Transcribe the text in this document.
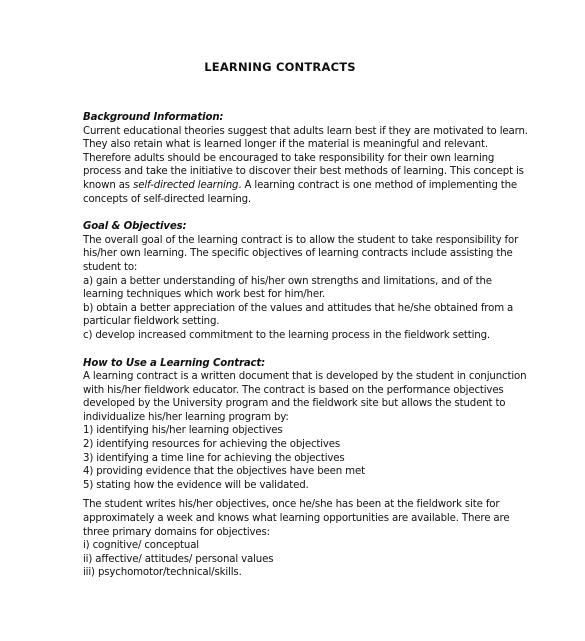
LEARNING CONTRACTS
Background Information:
Current educational theories suggest that adults learn best if they are motivated to learn.
They also retain what is learned longer if the material is meaningful and relevant.
Therefore adults should be encouraged to take responsibility for their own learning
process and take the initiative to discover their best methods of learning. This concept is
known as self-directed learning. A learning contract is one method of implementing the
concepts of self-directed learning.
Goal & Objectives:
The overall goal of the learning contract is to allow the student to take responsibility for
his/her own learning. The specific objectives of learning contracts include assisting the
student to:
a) gain a better understanding of his/her own strengths and limitations, and of the
learning techniques which work best for him/her.
b) obtain a better appreciation of the values and attitudes that he/she obtained from a
particular fieldwork setting.
c) develop increased commitment to the learning process in the fieldwork setting.
How to Use a Learning Contract:
A learning contract is a written document that is developed by the student in conjunction
with his/her fieldwork educator. The contract is based on the performance objectives
developed by the University program and the fieldwork site but allows the student to
individualize his/her learning program by:
1) identifying his/her learning objectives
2) identifying resources for achieving the objectives
3) identifying a time line for achieving the objectives
4) providing evidence that the objectives have been met
5) stating how the evidence will be validated.
The student writes his/her objectives, once he/she has been at the fieldwork site for
approximately a week and knows what learning opportunities are available. There are
three primary domains for objectives:
i) cognitive/ conceptual
ii) affective/ attitudes/ personal values
iii) psychomotor/technical/skills.
